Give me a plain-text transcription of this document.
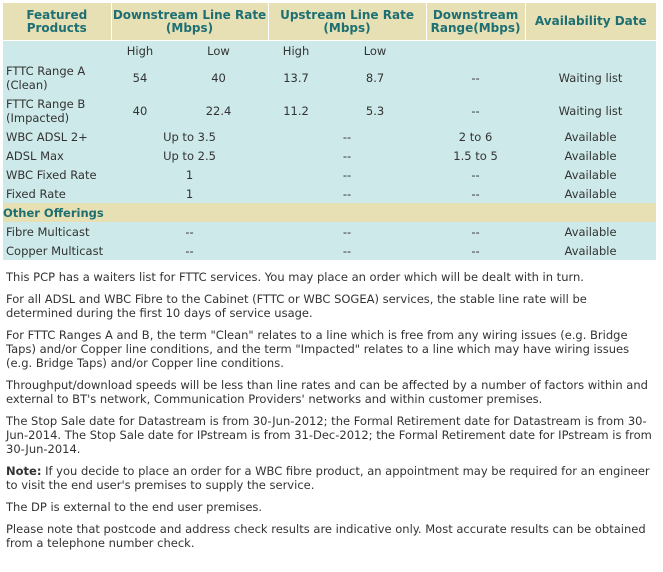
Featured Products	Downstream Line Rate (Mbps)		Upstream Line Rate (Mbps)		Downstream Range(Mbps)	Availability Date
	High	Low	High	Low		
FTTC Range A (Clean)	54	40	13.7	8.7	--	Waiting list
FTTC Range B (Impacted)	40	22.4	11.2	5.3	--	Waiting list
WBC ADSL 2+	Up to 3.5		--		2 to 6	Available
ADSL Max	Up to 2.5		--		1.5 to 5	Available
WBC Fixed Rate	1		--		--	Available
Fixed Rate	1		--		--	Available
Other Offerings						
Fibre Multicast	--		--		--	Available
Copper Multicast	--		--		--	Available

This PCP has a waiters list for FTTC services. You may place an order which will be dealt with in turn.

For all ADSL and WBC Fibre to the Cabinet (FTTC or WBC SOGEA) services, the stable line rate will be determined during the first 10 days of service usage.

For FTTC Ranges A and B, the term "Clean" relates to a line which is free from any wiring issues (e.g. Bridge Taps) and/or Copper line conditions, and the term "Impacted" relates to a line which may have wiring issues (e.g. Bridge Taps) and/or Copper line conditions.

Throughput/download speeds will be less than line rates and can be affected by a number of factors within and external to BT's network, Communication Providers' networks and within customer premises.

The Stop Sale date for Datastream is from 30-Jun-2012; the Formal Retirement date for Datastream is from 30-Jun-2014. The Stop Sale date for IPstream is from 31-Dec-2012; the Formal Retirement date for IPstream is from 30-Jun-2014.

Note: If you decide to place an order for a WBC fibre product, an appointment may be required for an engineer to visit the end user's premises to supply the service.

The DP is external to the end user premises.

Please note that postcode and address check results are indicative only. Most accurate results can be obtained from a telephone number check.
